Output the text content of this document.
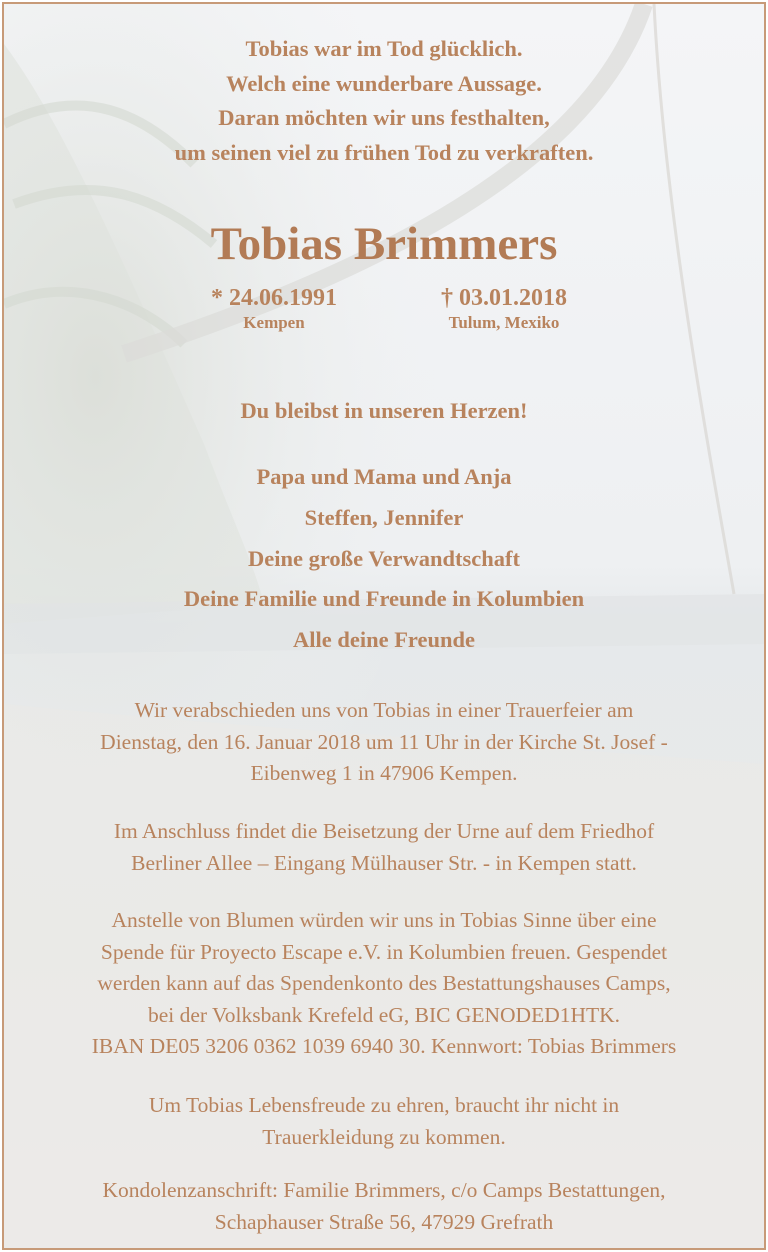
Tobias war im Tod glücklich.
Welch eine wunderbare Aussage.
Daran möchten wir uns festhalten,
um seinen viel zu frühen Tod zu verkraften.
Tobias Brimmers
* 24.06.1991
Kempen
† 03.01.2018
Tulum, Mexiko
Du bleibst in unseren Herzen!
Papa und Mama und Anja
Steffen, Jennifer
Deine große Verwandtschaft
Deine Familie und Freunde in Kolumbien
Alle deine Freunde
Wir verabschieden uns von Tobias in einer Trauerfeier am
Dienstag, den 16. Januar 2018 um 11 Uhr in der Kirche St. Josef -
Eibenweg 1 in 47906 Kempen.
Im Anschluss findet die Beisetzung der Urne auf dem Friedhof
Berliner Allee – Eingang Mülhauser Str. - in Kempen statt.
Anstelle von Blumen würden wir uns in Tobias Sinne über eine
Spende für Proyecto Escape e.V. in Kolumbien freuen. Gespendet
werden kann auf das Spendenkonto des Bestattungshauses Camps,
bei der Volksbank Krefeld eG, BIC GENODED1HTK.
IBAN DE05 3206 0362 1039 6940 30. Kennwort: Tobias Brimmers
Um Tobias Lebensfreude zu ehren, braucht ihr nicht in
Trauerkleidung zu kommen.
Kondolenzanschrift: Familie Brimmers, c/o Camps Bestattungen,
Schaphauser Straße 56, 47929 Grefrath
